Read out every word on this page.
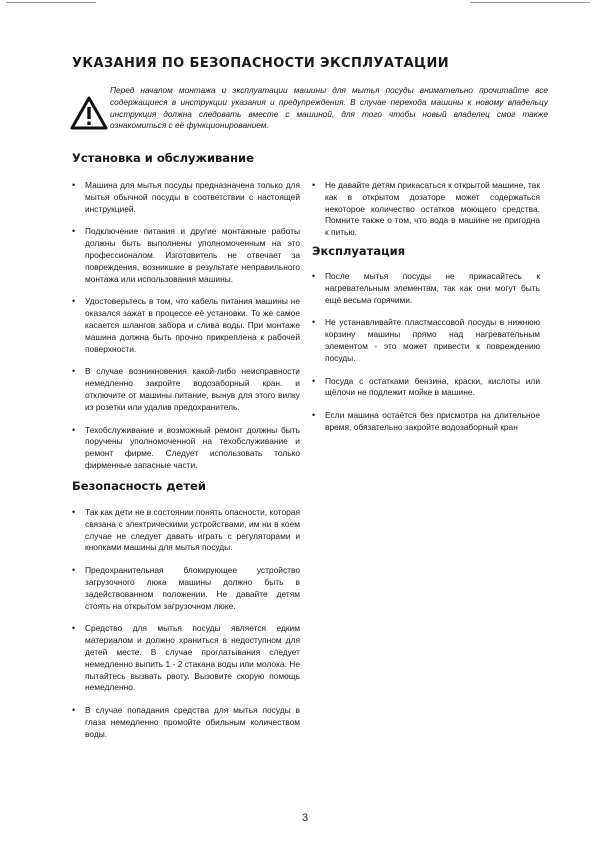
УКАЗАНИЯ ПО БЕЗОПАСНОСТИ ЭКСПЛУАТАЦИИ

Перед началом монтажа и эксплуатации машины для мытья посуды внимательно прочитайте все содержащиеся в инструкции указания и предупреждения. В случае перехода машины к новому владельцу инструкция должна следовать вместе с машиной, для того чтобы новый владелец смог также ознакомиться с её функционированием.

Установка и обслуживание
• Машина для мытья посуды предназначена только для мытья обычной посуды в соответствии с настоящей инструкцией.
• Подключение питания и другие монтажные работы должны быть выполнены уполномоченным на это профессионалом. Изготовитель не отвечает за повреждения, возникшие в результате неправильного монтажа или использования машины.
• Удостоверьтесь в том, что кабель питания машины не оказался зажат в процессе её установки. То же самое касается шлангов забора и слива воды. При монтаже машина должна быть прочно прикреплена к рабочей поверхности.
• В случае возникновения какой-либо неисправности немедленно закройте водозаборный кран. и отключите от машины питание, вынув для этого вилку из розетки или удалив предохранитель.
• Техобслуживание и возможный ремонт должны быть поручены уполномоченной на техобслуживание и ремонт фирме. Следует использовать только фирменные запасные части.
Безопасность детей
• Так как дети не в состоянии понять опасности, которая связана с электрическими устройствами, им ни в коем случае не следует давать играть с регуляторами и кнопками машины для мытья посуды.
• Предохранительная блокирующее устройство загрузочного люка машины должно быть в задействованном положении. Не давайте детям стоять на открытом загрузочном люке.
• Средство для мытья посуды является едким материалом и должно храниться в недоступном для детей месте. В случае проглатывания следует немедленно выпить 1 - 2 стакана воды или молока. Не пытайтесь вызвать рвоту. Вызовите скорую помощь немедленно.
• В случае попадания средства для мытья посуды в глаза немедленно промойте обильным количеством воды.
• Не давайте детям прикасаться к открытой машине, так как в открытом дозаторе может содержаться некоторое количество остатков моющего средства. Помните также о том, что вода в машине не пригодна к питью.
Эксплуатация
• После мытья посуды не прикасайтесь к нагревательным элементам, так как они могут быть ещё весьма горячими.
• Не устанавливайте пластмассовой посуды в нижнюю корзину машины прямо над нагревательным элементом - это может привести к повреждению посуды.
• Посуда с остатками бензина, краски, кислоты или щёлочи не подлежит мойке в машине.
• Если машина остаётся без присмотра на длительное время, обязательно закройте водозаборный кран

3
